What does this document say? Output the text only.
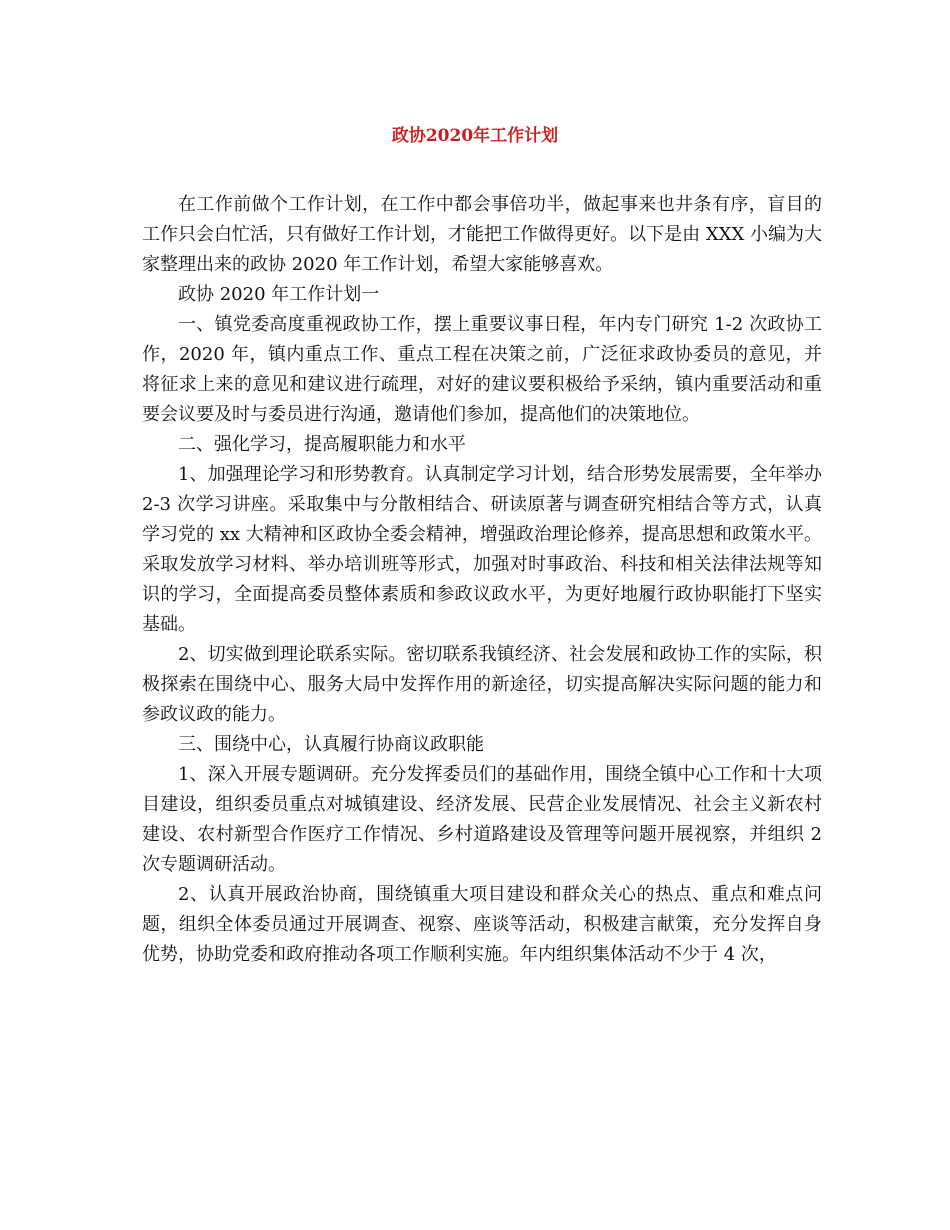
政协2020年工作计划

在工作前做个工作计划，在工作中都会事倍功半，做起事来也井条有序，盲目的工作只会白忙活，只有做好工作计划，才能把工作做得更好。以下是由 XXX 小编为大家整理出来的政协 2020 年工作计划，希望大家能够喜欢。

政协 2020 年工作计划一

一、镇党委高度重视政协工作，摆上重要议事日程，年内专门研究 1-2 次政协工作，2020 年，镇内重点工作、重点工程在决策之前，广泛征求政协委员的意见，并将征求上来的意见和建议进行疏理，对好的建议要积极给予采纳，镇内重要活动和重要会议要及时与委员进行沟通，邀请他们参加，提高他们的决策地位。

二、强化学习，提高履职能力和水平

1、加强理论学习和形势教育。认真制定学习计划，结合形势发展需要，全年举办 2-3 次学习讲座。采取集中与分散相结合、研读原著与调查研究相结合等方式，认真学习党的 xx 大精神和区政协全委会精神，增强政治理论修养，提高思想和政策水平。采取发放学习材料、举办培训班等形式，加强对时事政治、科技和相关法律法规等知识的学习，全面提高委员整体素质和参政议政水平，为更好地履行政协职能打下坚实基础。

2、切实做到理论联系实际。密切联系我镇经济、社会发展和政协工作的实际，积极探索在围绕中心、服务大局中发挥作用的新途径，切实提高解决实际问题的能力和参政议政的能力。

三、围绕中心，认真履行协商议政职能

1、深入开展专题调研。充分发挥委员们的基础作用，围绕全镇中心工作和十大项目建设，组织委员重点对城镇建设、经济发展、民营企业发展情况、社会主义新农村建设、农村新型合作医疗工作情况、乡村道路建设及管理等问题开展视察，并组织 2 次专题调研活动。

2、认真开展政治协商，围绕镇重大项目建设和群众关心的热点、重点和难点问题，组织全体委员通过开展调查、视察、座谈等活动，积极建言献策，充分发挥自身优势，协助党委和政府推动各项工作顺利实施。年内组织集体活动不少于 4 次，
